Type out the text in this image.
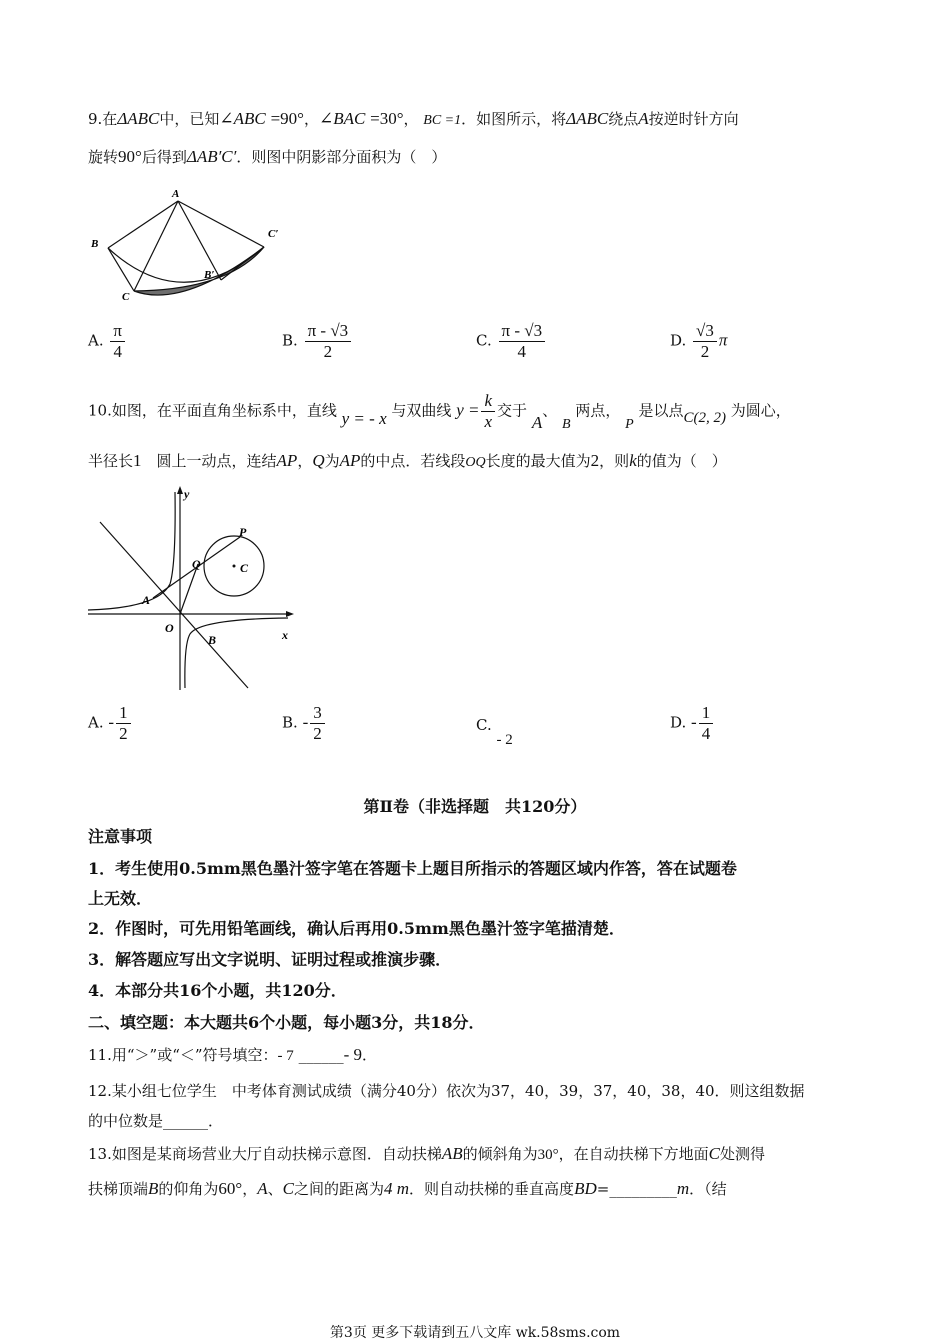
9.在ΔABC中，已知∠ABC =90°，∠BAC =30°， BC =1．如图所示，将ΔABC绕点A按逆时针方向
旋转90°后得到ΔAB′C′．则图中阴影部分面积为（　）
A
B
C
B′
C′
A. $\frac{\pi}{4}$	B. $\frac{\pi - √3}{2}$	C. $\frac{\pi - √3}{4}$	D. $\frac{√3}{2}$ π
10.如图，在平面直角坐标系中，直线 y = - x 与双曲线 $y = \frac{k}{x}$ 交于 A、 B 两点， P 是以点C(2, 2) 为圆心，
半径长1　圆上一动点，连结AP，Q为AP的中点．若线段OQ长度的最大值为2，则k的值为（　）
y
x
P
Q	C
A
O
B
A. - $\frac{1}{2}$	B. - $\frac{3}{2}$	C. - 2
D. - $\frac{1}{4}$
第Ⅱ卷（非选择题　共120分）
注意事项
1．考生使用0.5mm黑色墨汁签字笔在答题卡上题目所指示的答题区域内作答，答在试题卷
上无效．
2．作图时，可先用铅笔画线，确认后再用0.5mm黑色墨汁签字笔描清楚．
3．解答题应写出文字说明、证明过程或推演步骤．
4．本部分共16个小题，共120分．
二、填空题：本大题共6个小题，每小题3分，共18分．
11.用“＞”或“＜”符号填空：- 7 ______- 9．
12.某小组七位学生　中考体育测试成绩（满分40分）依次为37，40，39，37，40，38，40．则这组数据
的中位数是______．
13.如图是某商场营业大厅自动扶梯示意图．自动扶梯AB的倾斜角为30°，在自动扶梯下方地面C处测得
扶梯顶端B的仰角为60°，A、C之间的距离为4 m．则自动扶梯的垂直高度BD=_________m．（结
第3页 更多下载请到五八文库 wk.58sms.com
